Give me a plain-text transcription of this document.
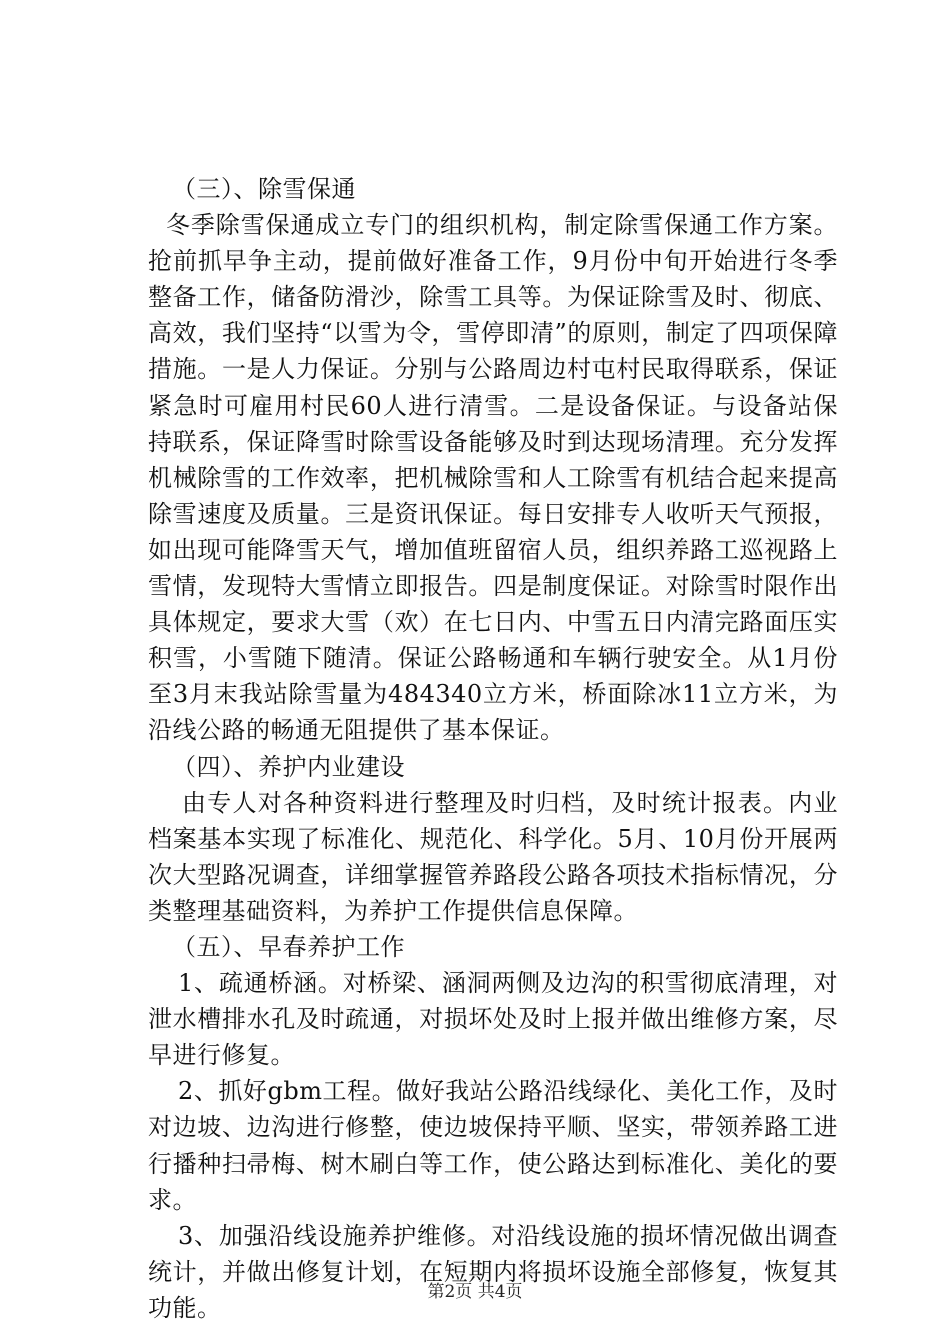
（三）、除雪保通

冬季除雪保通成立专门的组织机构，制定除雪保通工作方案。抢前抓早争主动，提前做好准备工作，9月份中旬开始进行冬季整备工作，储备防滑沙，除雪工具等。为保证除雪及时、彻底、高效，我们坚持“以雪为令，雪停即清”的原则，制定了四项保障措施。一是人力保证。分别与公路周边村屯村民取得联系，保证紧急时可雇用村民60人进行清雪。二是设备保证。与设备站保持联系，保证降雪时除雪设备能够及时到达现场清理。充分发挥机械除雪的工作效率，把机械除雪和人工除雪有机结合起来提高除雪速度及质量。三是资讯保证。每日安排专人收听天气预报，如出现可能降雪天气，增加值班留宿人员，组织养路工巡视路上雪情，发现特大雪情立即报告。四是制度保证。对除雪时限作出具体规定，要求大雪（欢）在七日内、中雪五日内清完路面压实积雪，小雪随下随清。保证公路畅通和车辆行驶安全。从1月份至3月末我站除雪量为484340立方米，桥面除冰11立方米，为沿线公路的畅通无阻提供了基本保证。

（四）、养护内业建设

由专人对各种资料进行整理及时归档，及时统计报表。内业档案基本实现了标准化、规范化、科学化。5月、10月份开展两次大型路况调查，详细掌握管养路段公路各项技术指标情况，分类整理基础资料，为养护工作提供信息保障。

（五）、早春养护工作

1、疏通桥涵。对桥梁、涵洞两侧及边沟的积雪彻底清理，对泄水槽排水孔及时疏通，对损坏处及时上报并做出维修方案，尽早进行修复。

2、抓好gbm工程。做好我站公路沿线绿化、美化工作，及时对边坡、边沟进行修整，使边坡保持平顺、坚实，带领养路工进行播种扫帚梅、树木刷白等工作，使公路达到标准化、美化的要求。

3、加强沿线设施养护维修。对沿线设施的损坏情况做出调查统计，并做出修复计划，在短期内将损坏设施全部修复，恢复其功能。

第2页 共4页
